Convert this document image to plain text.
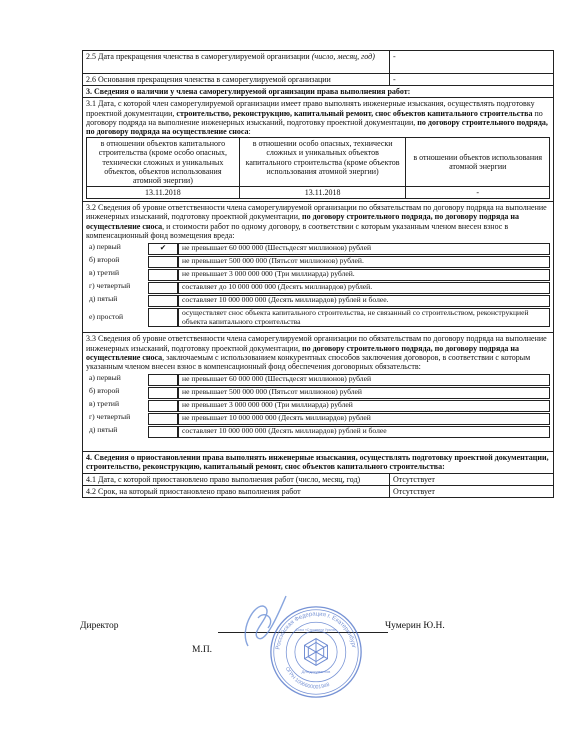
2.5 Дата прекращения членства в саморегулируемой организации (число, месяц, год)	-
2.6 Основания прекращения членства в саморегулируемой организации	-
3. Сведения о наличии у члена саморегулируемой организации права выполнения работ:

3.1 Дата, с которой член саморегулируемой организации имеет право выполнять инженерные изыскания, осуществлять подготовку проектной документации, строительство, реконструкцию, капитальный ремонт, снос объектов капитального строительства по договору подряда на выполнение инженерных изысканий, подготовку проектной документации, по договору строительного подряда, по договору подряда на осуществление сноса:
в отношении объектов капитального строительства (кроме особо опасных, технически сложных и уникальных объектов, объектов использования атомной энергии)	в отношении особо опасных, технически сложных и уникальных объектов капитального строительства (кроме объектов использования атомной энергии)	в отношении объектов использования атомной энергии
13.11.2018	13.11.2018	-

3.2 Сведения об уровне ответственности члена саморегулируемой организации по обязательствам по договору подряда на выполнение инженерных изысканий, подготовку проектной документации, по договору строительного подряда, по договору подряда на осуществление сноса, и стоимости работ по одному договору, в соответствии с которым указанным членом внесен взнос в компенсационный фонд возмещения вреда:
а) первый	✔	не превышает 60 000 000 (Шестьдесят миллионов) рублей
б) второй		не превышает 500 000 000 (Пятьсот миллионов) рублей.
в) третий		не превышает 3 000 000 000 (Три миллиарда) рублей.
г) четвертый		составляет до 10 000 000 000 (Десять миллиардов) рублей.
д) пятый		составляет 10 000 000 000 (Десять миллиардов) рублей и более.
е) простой		осуществляет снос объекта капитального строительства, не связанный со строительством, реконструкцией объекта капитального строительства

3.3 Сведения об уровне ответственности члена саморегулируемой организации по обязательствам по договору подряда на выполнение инженерных изысканий, подготовку проектной документации, по договору строительного подряда, по договору подряда на осуществление сноса, заключаемым с использованием конкурентных способов заключения договоров, в соответствии с которым указанным членом внесен взнос в компенсационный фонд обеспечения договорных обязательств:
а) первый		не превышает 60 000 000 (Шестьдесят миллионов) рублей
б) второй		не превышает 500 000 000 (Пятьсот миллионов) рублей
в) третий		не превышает 3 000 000 000 (Три миллиарда) рублей
г) четвертый		не превышает 10 000 000 000 (Десять миллиардов) рублей
д) пятый		составляет 10 000 000 000 (Десять миллиардов) рублей и более

4. Сведения о приостановлении права выполнять инженерные изыскания, осуществлять подготовку проектной документации, строительство, реконструкцию, капитальный ремонт, снос объектов капитального строительства:
4.1 Дата, с которой приостановлено право выполнения работ (число, месяц, год)	Отсутствует
4.2 Срок, на который приостановлено право выполнения работ	Отсутствует
Директор	Чумерин Ю.Н.
М.П.	Российская Федерация г. Екатеринбург
ОГРН 1096600001948
Союз «Строители Урала»
Для документов
